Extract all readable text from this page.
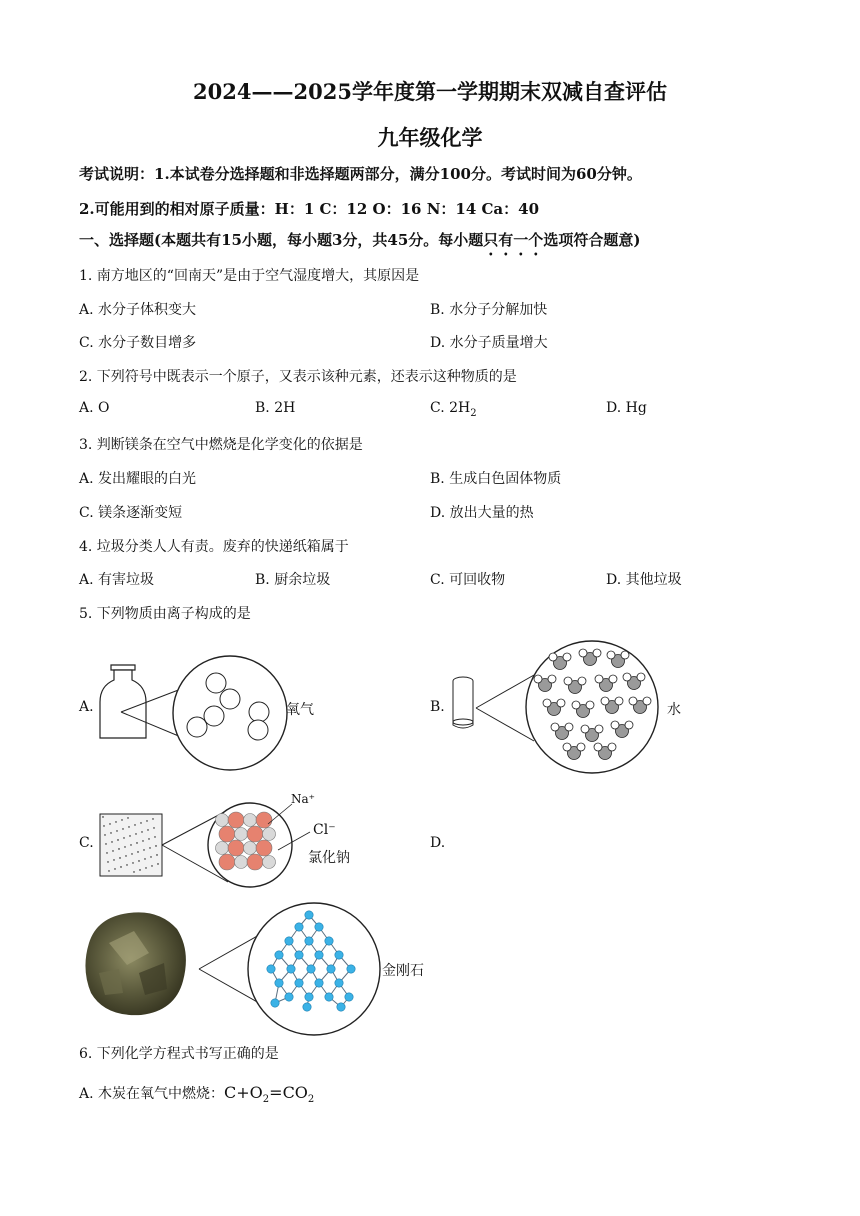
2024——2025学年度第一学期期末双减自查评估
九年级化学
考试说明：1.本试卷分选择题和非选择题两部分，满分100分。考试时间为60分钟。
2.可能用到的相对原子质量：H：1 C：12 O：16 N：14 Ca：40
一、选择题(本题共有15小题，每小题3分，共45分。每小题只有一个选项符合题意)
1. 南方地区的“回南天”是由于空气湿度增大，其原因是
A. 水分子体积变大	B. 水分子分解加快
C. 水分子数目增多	D. 水分子质量增大
2. 下列符号中既表示一个原子，又表示该种元素，还表示这种物质的是
A. O	B. 2H	C. $2H_2$	D. Hg
3. 判断镁条在空气中燃烧是化学变化的依据是
A. 发出耀眼的白光	B. 生成白色固体物质
C. 镁条逐渐变短	D. 放出大量的热
4. 垃圾分类人人有责。废弃的快递纸箱属于
A. 有害垃圾	B. 厨余垃圾	C. 可回收物	D. 其他垃圾
5. 下列物质由离子构成的是
A.	氧气	B.	水
C.
Na⁺
Cl⁻
氯化钠
D.
金刚石
6. 下列化学方程式书写正确的是
A. 木炭在氧气中燃烧：$C+O_2=CO_2$
